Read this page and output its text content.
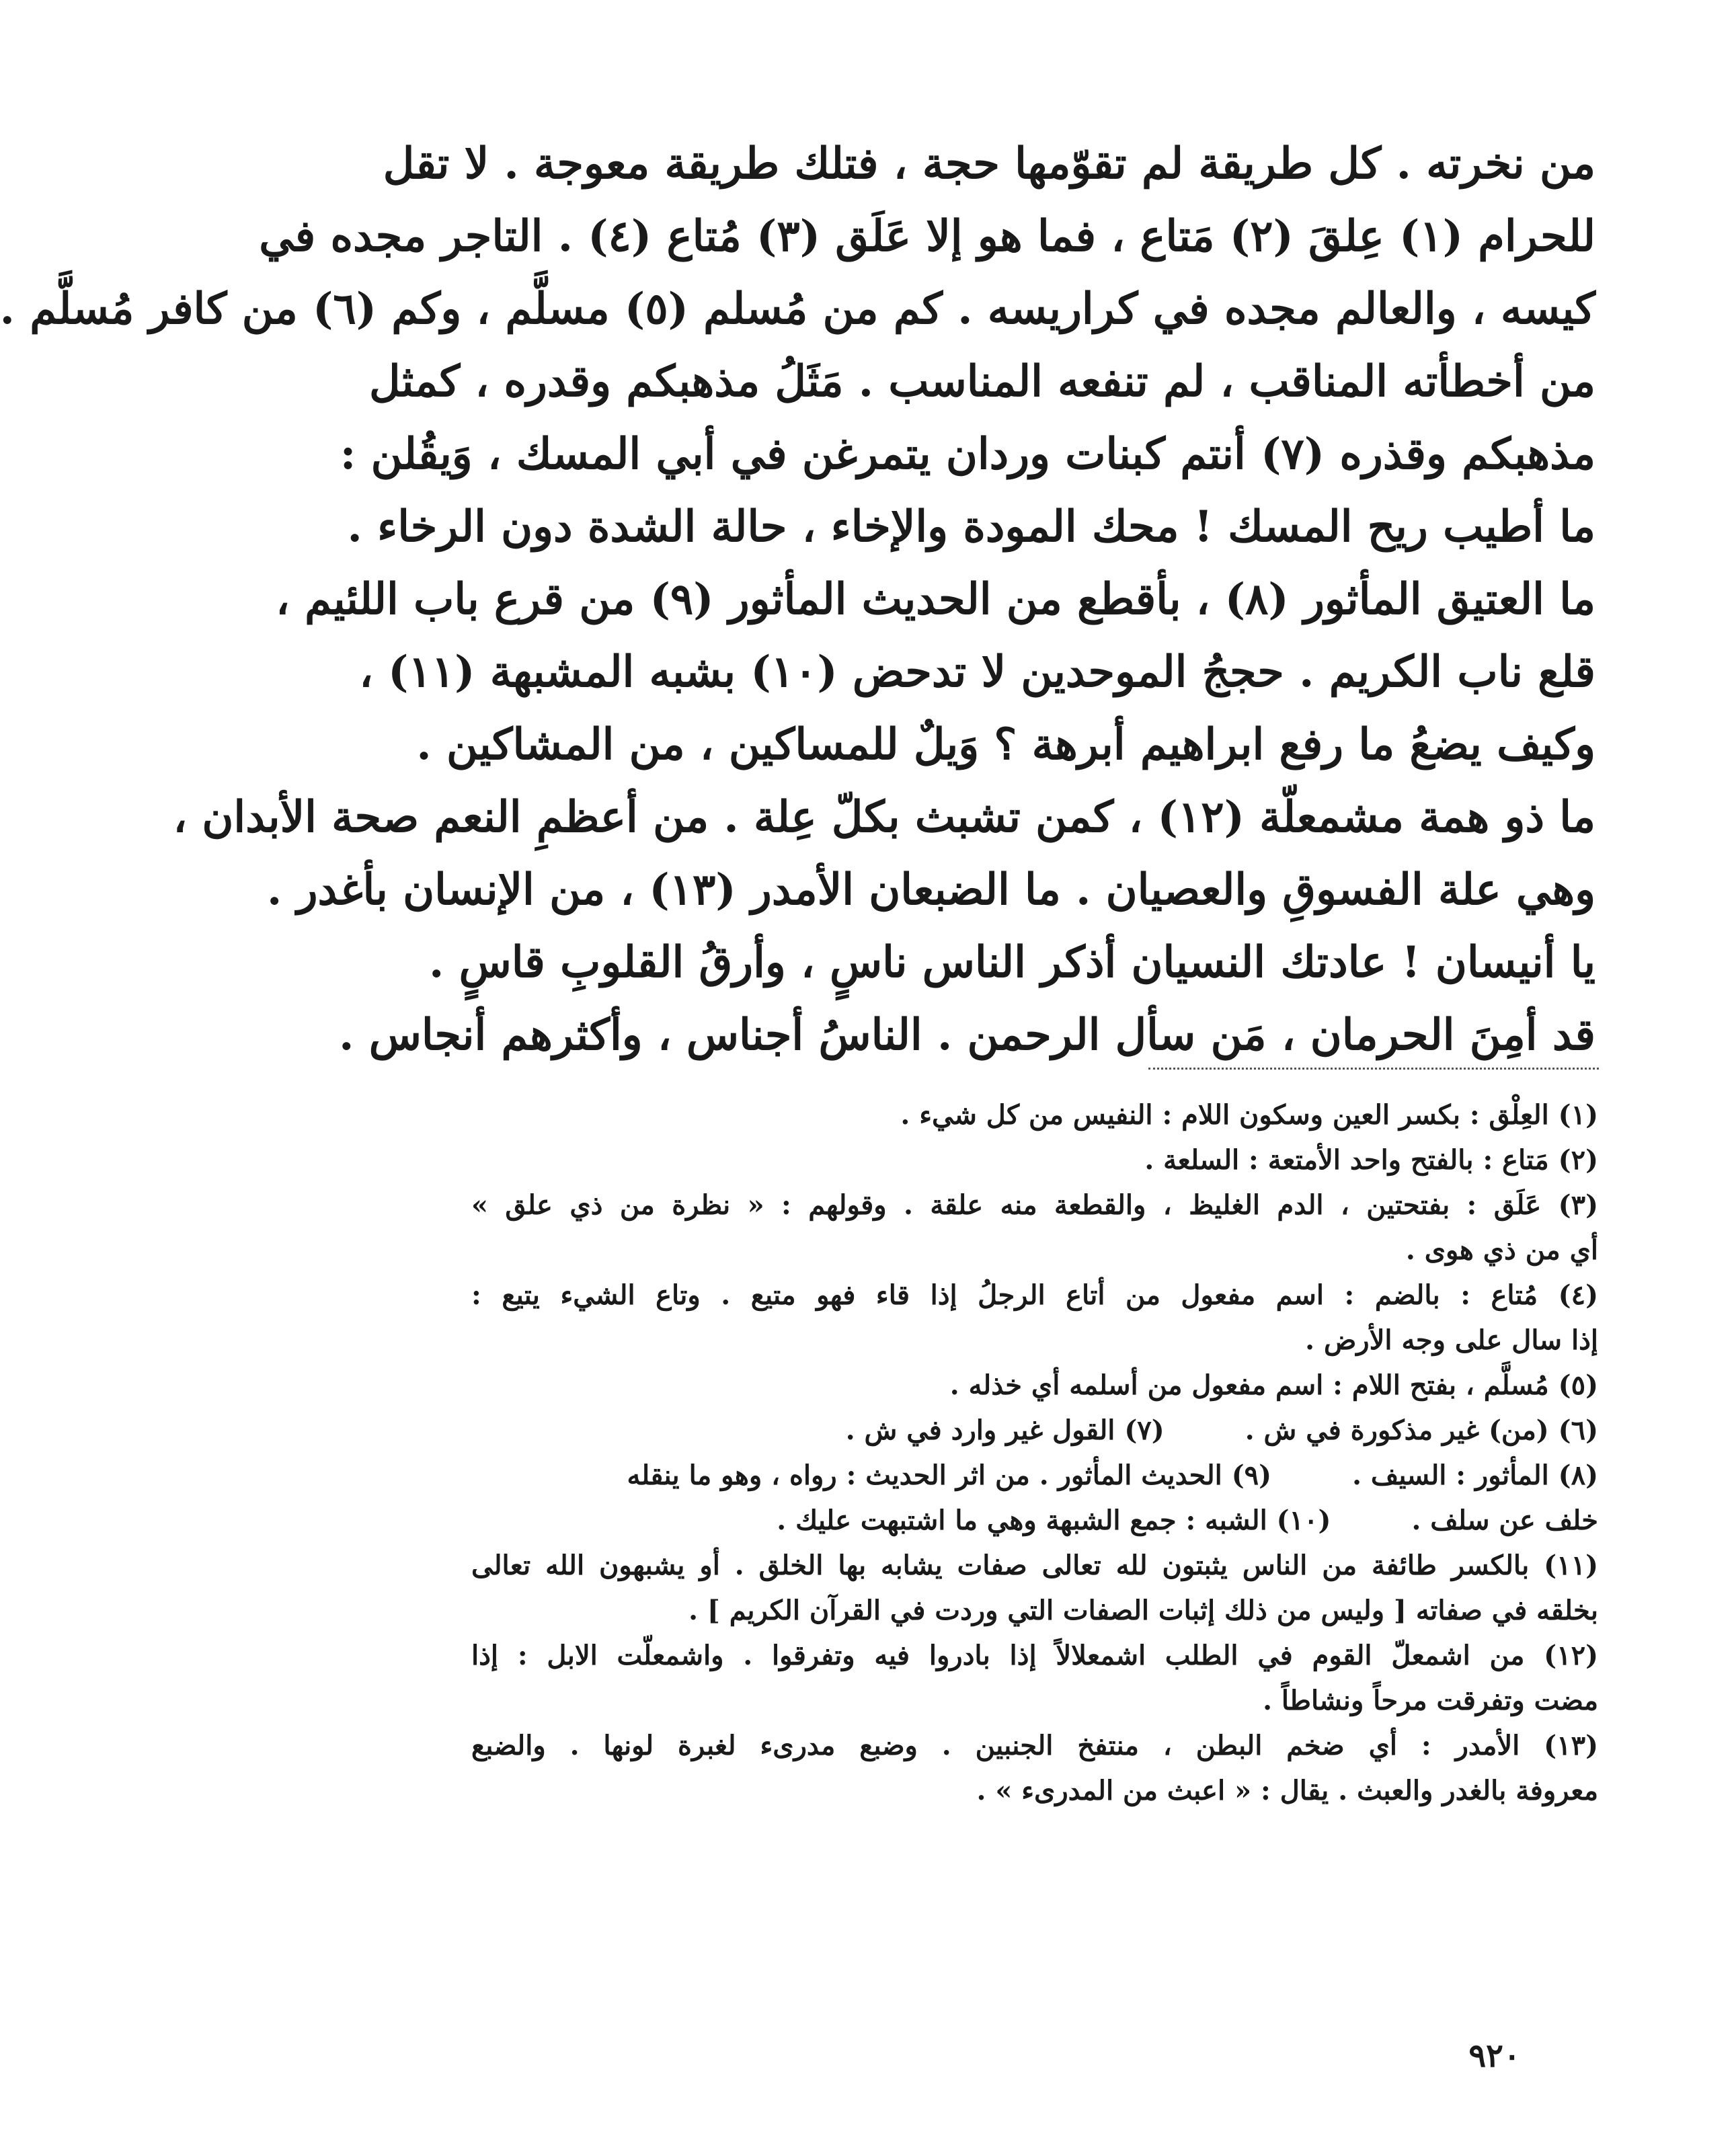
من نخرته . كل طريقة لم تقوّمها حجة ، فتلك طريقة معوجة . لا تقل
للحرام (١) عِلقَ (٢) مَتاع ، فما هو إلا عَلَق (٣) مُتاع (٤) . التاجر مجده في
كيسه ، والعالم مجده في كراريسه . كم من مُسلم (٥) مسلَّم ، وكم (٦) من كافر مُسلَّم .
من أخطأته المناقب ، لم تنفعه المناسب . مَثَلُ مذهبكم وقدره ، كمثل
مذهبكم وقذره (٧) أنتم كبنات وردان يتمرغن في أبي المسك ، وَيقُلن :
ما أطيب ريح المسك ! محك المودة والإخاء ، حالة الشدة دون الرخاء .
ما العتيق المأثور (٨) ، بأقطع من الحديث المأثور (٩) من قرع باب اللئيم ،
قلع ناب الكريم . حججُ الموحدين لا تدحض (١٠) بشبه المشبهة (١١) ،
وكيف يضعُ ما رفع ابراهيم أبرهة ؟ وَيلٌ للمساكين ، من المشاكين .
ما ذو همة مشمعلّة (١٢) ، كمن تشبث بكلّ عِلة . من أعظمِ النعم صحة الأبدان ،
وهي علة الفسوقِ والعصيان . ما الضبعان الأمدر (١٣) ، من الإنسان بأغدر .
يا أنيسان ! عادتك النسيان أذكر الناس ناسٍ ، وأرقُ القلوبِ قاسٍ .
قد أمِنَ الحرمان ، مَن سأل الرحمن . الناسُ أجناس ، وأكثرهم أنجاس .
(١) العِلْق : بكسر العين وسكون اللام : النفيس من كل شيء .
(٢) مَتاع : بالفتح واحد الأمتعة : السلعة .
(٣) عَلَق : بفتحتين ، الدم الغليظ ، والقطعة منه علقة . وقولهم : « نظرة من ذي علق »
أي من ذي هوى .
(٤) مُتاع : بالضم : اسم مفعول من أتاع الرجلُ إذا قاء فهو متيع . وتاع الشيء يتيع :
إذا سال على وجه الأرض .
(٥) مُسلَّم ، بفتح اللام : اسم مفعول من أسلمه أي خذله .
(٦) (من) غير مذكورة في ش .
(٧) القول غير وارد في ش .
(٨) المأثور : السيف .
(٩) الحديث المأثور . من اثر الحديث : رواه ، وهو ما ينقله
خلف عن سلف .
(١٠) الشبه : جمع الشبهة وهي ما اشتبهت عليك .
(١١) بالكسر طائفة من الناس يثبتون لله تعالى صفات يشابه بها الخلق . أو يشبهون الله تعالى
بخلقه في صفاته [ وليس من ذلك إثبات الصفات التي وردت في القرآن الكريم ] .
(١٢) من اشمعلّ القوم في الطلب اشمعلالاً إذا بادروا فيه وتفرقوا . واشمعلّت الابل : إذا
مضت وتفرقت مرحاً ونشاطاً .
(١٣) الأمدر : أي ضخم البطن ، منتفخ الجنبين . وضبع مدرىء لغبرة لونها . والضبع
معروفة بالغدر والعبث . يقال : « اعبث من المدرىء » .
٩٢٠
